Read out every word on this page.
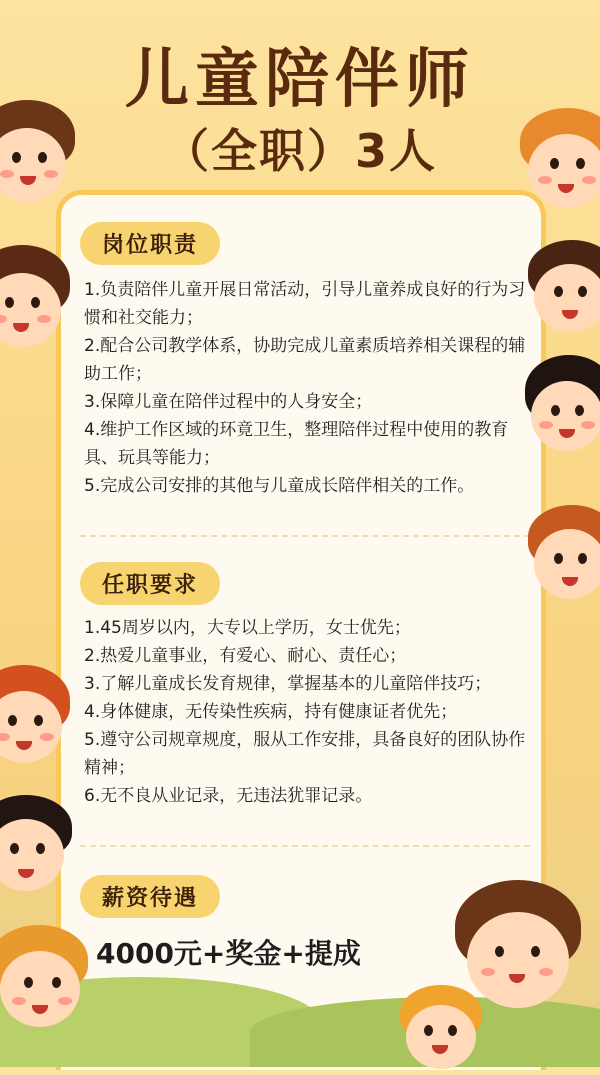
儿童陪伴师
（全职）3人
岗位职责
1.负责陪伴儿童开展日常活动，引导儿童养成良好的行为习惯和社交能力；
2.配合公司教学体系，协助完成儿童素质培养相关课程的辅助工作；
3.保障儿童在陪伴过程中的人身安全；
4.维护工作区域的环竟卫生，整理陪伴过程中使用的教育具、玩具等能力；
5.完成公司安排的其他与儿童成长陪伴相关的工作。
任职要求
1.45周岁以内，大专以上学历，女士优先；
2.热爱儿童事业，有爱心、耐心、责任心；
3.了解儿童成长发育规律，掌握基本的儿童陪伴技巧；
4.身体健康，无传染性疾病，持有健康证者优先；
5.遵守公司规章规度，服从工作安排，具备良好的团队协作精神；
6.无不良从业记录，无违法犹罪记录。
薪资待遇
4000元+奖金+提成
